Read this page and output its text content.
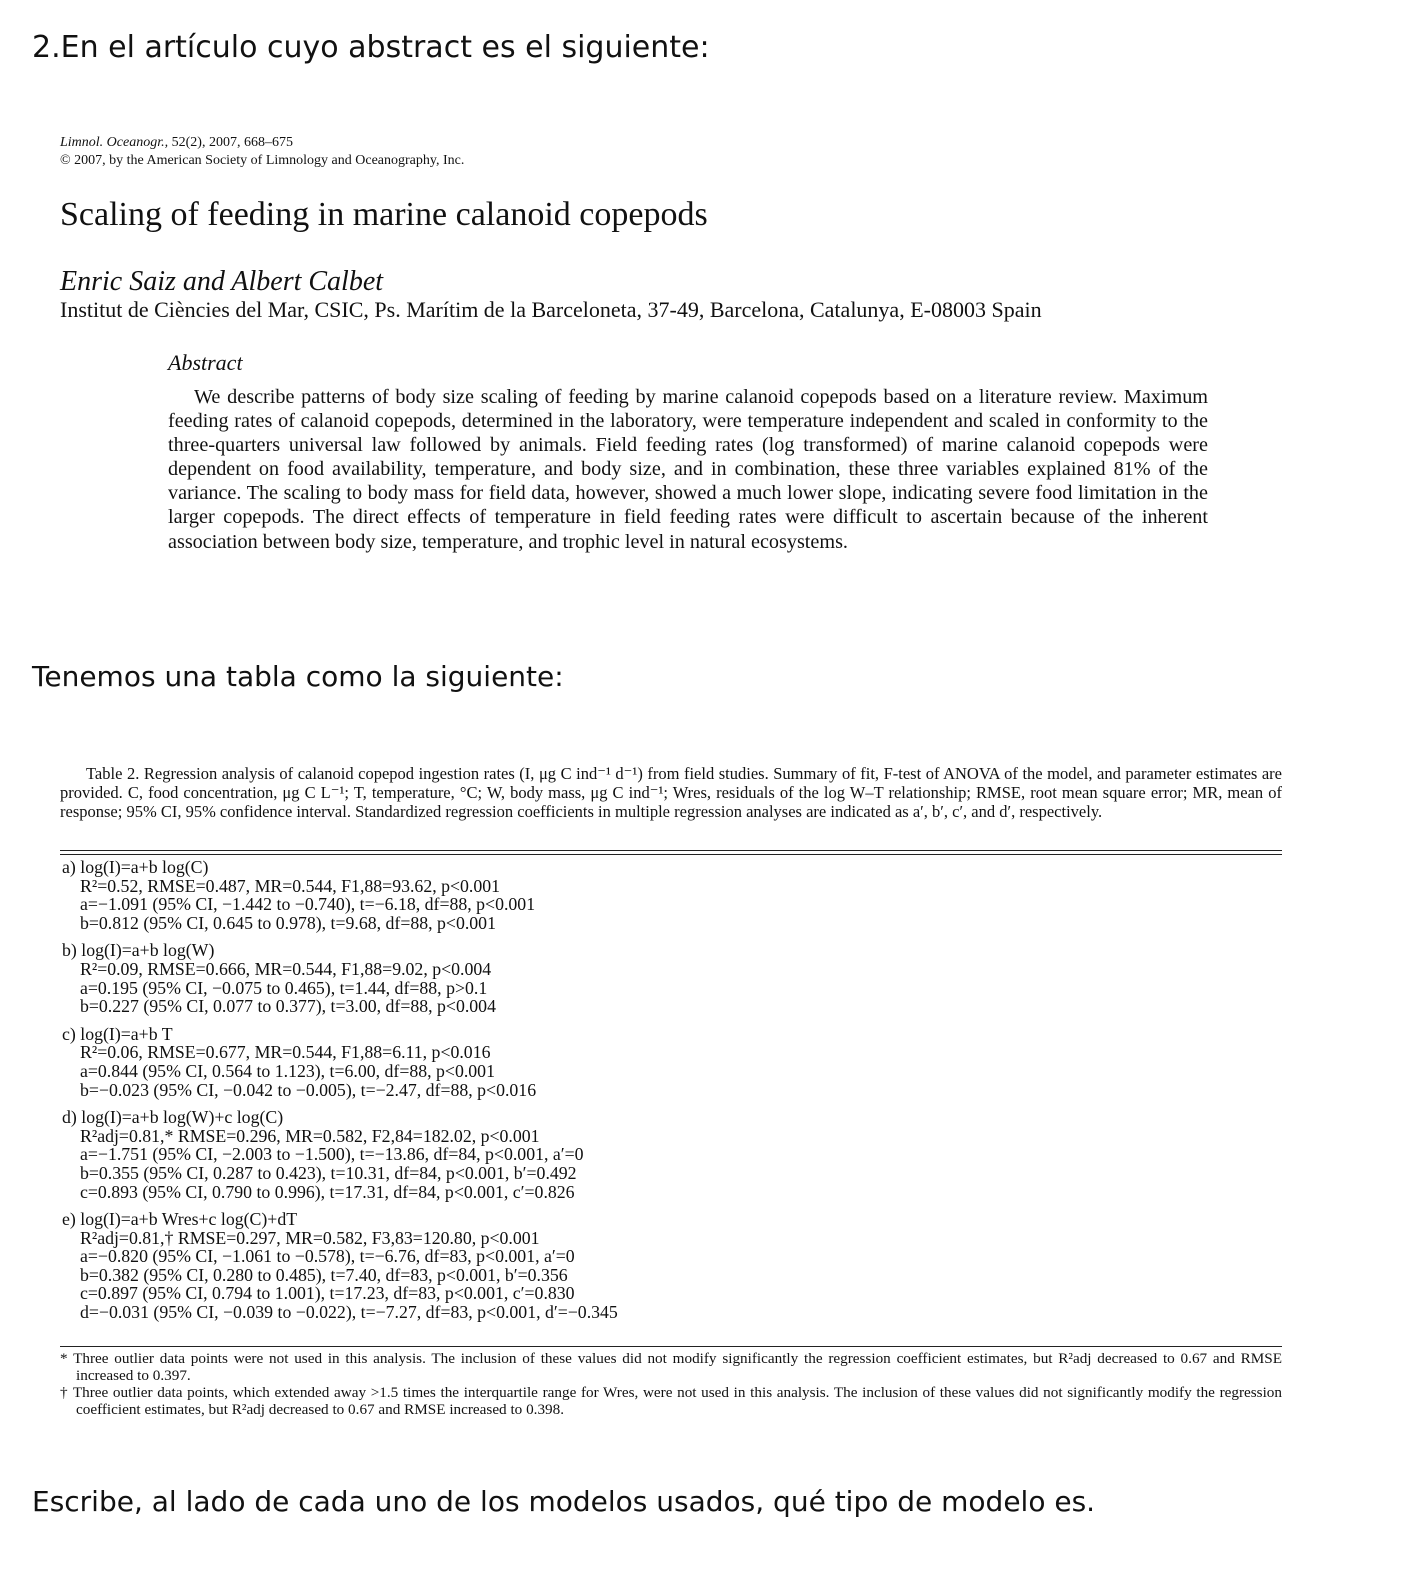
2.En el artículo cuyo abstract es el siguiente:
Limnol. Oceanogr., 52(2), 2007, 668–675
© 2007, by the American Society of Limnology and Oceanography, Inc.
Scaling of feeding in marine calanoid copepods
Enric Saiz and Albert Calbet
Institut de Ciències del Mar, CSIC, Ps. Marítim de la Barceloneta, 37-49, Barcelona, Catalunya, E-08003 Spain
Abstract
We describe patterns of body size scaling of feeding by marine calanoid copepods based on a literature review. Maximum feeding rates of calanoid copepods, determined in the laboratory, were temperature independent and scaled in conformity to the three-quarters universal law followed by animals. Field feeding rates (log transformed) of marine calanoid copepods were dependent on food availability, temperature, and body size, and in combination, these three variables explained 81% of the variance. The scaling to body mass for field data, however, showed a much lower slope, indicating severe food limitation in the larger copepods. The direct effects of temperature in field feeding rates were difficult to ascertain because of the inherent association between body size, temperature, and trophic level in natural ecosystems.
Tenemos una tabla como la siguiente:
Table 2. Regression analysis of calanoid copepod ingestion rates (I, μg C ind⁻¹ d⁻¹) from field studies. Summary of fit, F-test of ANOVA of the model, and parameter estimates are provided. C, food concentration, μg C L⁻¹; T, temperature, °C; W, body mass, μg C ind⁻¹; Wres, residuals of the log W–T relationship; RMSE, root mean square error; MR, mean of response; 95% CI, 95% confidence interval. Standardized regression coefficients in multiple regression analyses are indicated as a′, b′, c′, and d′, respectively.
a) log(I)=a+b log(C)
R²=0.52, RMSE=0.487, MR=0.544, F1,88=93.62, p<0.001
a=−1.091 (95% CI, −1.442 to −0.740), t=−6.18, df=88, p<0.001
b=0.812 (95% CI, 0.645 to 0.978), t=9.68, df=88, p<0.001
b) log(I)=a+b log(W)
R²=0.09, RMSE=0.666, MR=0.544, F1,88=9.02, p<0.004
a=0.195 (95% CI, −0.075 to 0.465), t=1.44, df=88, p>0.1
b=0.227 (95% CI, 0.077 to 0.377), t=3.00, df=88, p<0.004
c) log(I)=a+b T
R²=0.06, RMSE=0.677, MR=0.544, F1,88=6.11, p<0.016
a=0.844 (95% CI, 0.564 to 1.123), t=6.00, df=88, p<0.001
b=−0.023 (95% CI, −0.042 to −0.005), t=−2.47, df=88, p<0.016
d) log(I)=a+b log(W)+c log(C)
R²adj=0.81,* RMSE=0.296, MR=0.582, F2,84=182.02, p<0.001
a=−1.751 (95% CI, −2.003 to −1.500), t=−13.86, df=84, p<0.001, a′=0
b=0.355 (95% CI, 0.287 to 0.423), t=10.31, df=84, p<0.001, b′=0.492
c=0.893 (95% CI, 0.790 to 0.996), t=17.31, df=84, p<0.001, c′=0.826
e) log(I)=a+b Wres+c log(C)+dT
R²adj=0.81,† RMSE=0.297, MR=0.582, F3,83=120.80, p<0.001
a=−0.820 (95% CI, −1.061 to −0.578), t=−6.76, df=83, p<0.001, a′=0
b=0.382 (95% CI, 0.280 to 0.485), t=7.40, df=83, p<0.001, b′=0.356
c=0.897 (95% CI, 0.794 to 1.001), t=17.23, df=83, p<0.001, c′=0.830
d=−0.031 (95% CI, −0.039 to −0.022), t=−7.27, df=83, p<0.001, d′=−0.345
* Three outlier data points were not used in this analysis. The inclusion of these values did not modify significantly the regression coefficient estimates, but R²adj decreased to 0.67 and RMSE increased to 0.397.
† Three outlier data points, which extended away >1.5 times the interquartile range for Wres, were not used in this analysis. The inclusion of these values did not significantly modify the regression coefficient estimates, but R²adj decreased to 0.67 and RMSE increased to 0.398.
Escribe, al lado de cada uno de los modelos usados, qué tipo de modelo es.
